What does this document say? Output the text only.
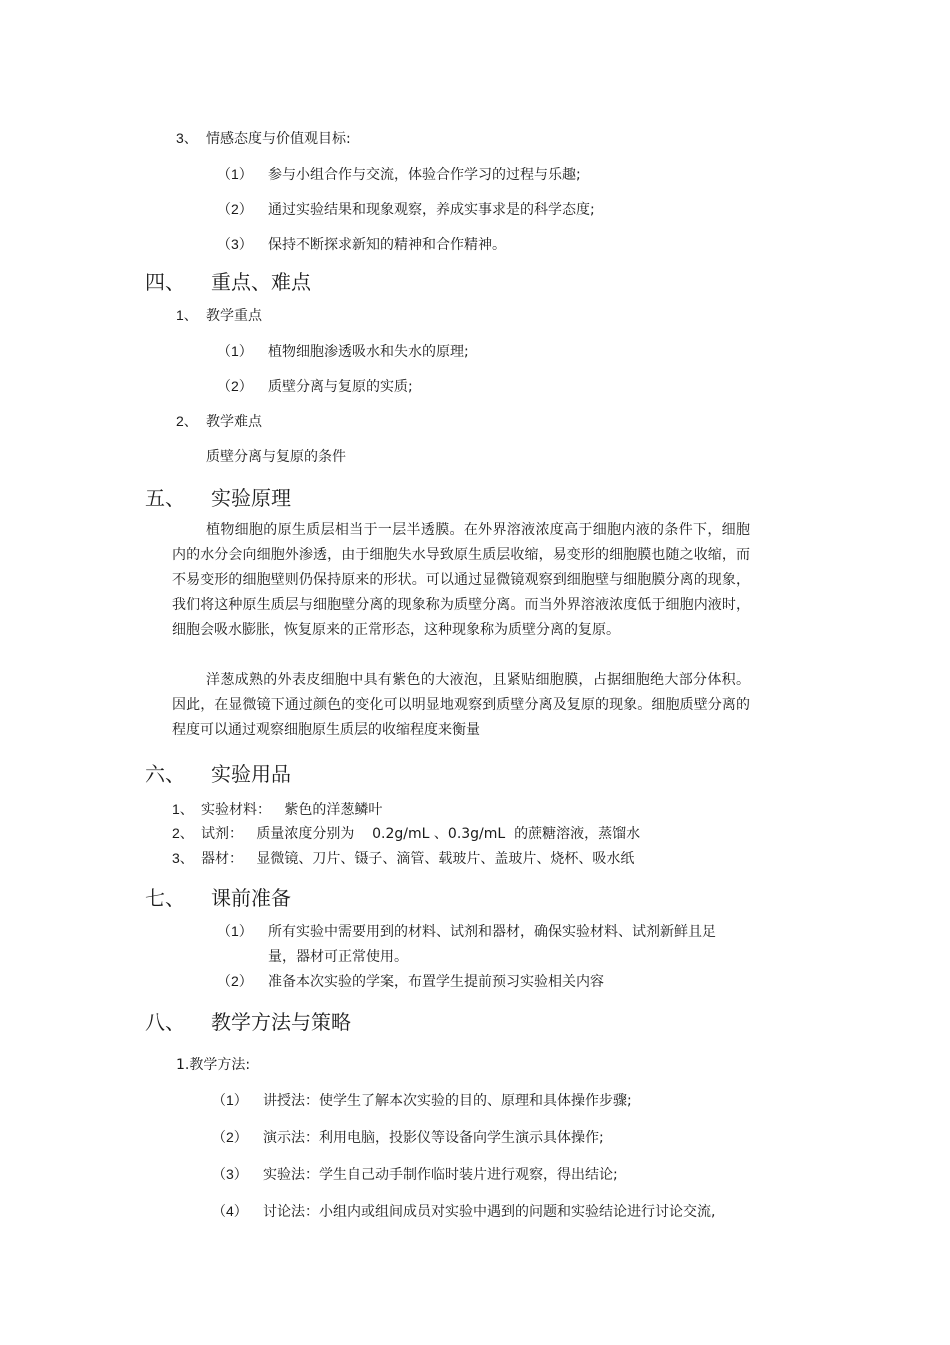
3、 情感态度与价值观目标:
（1） 参与小组合作与交流，体验合作学习的过程与乐趣;
（2） 通过实验结果和现象观察，养成实事求是的科学态度;
（3） 保持不断探求新知的精神和合作精神。
四、 重点、难点
1、 教学重点
（1） 植物细胞渗透吸水和失水的原理;
（2） 质壁分离与复原的实质;
2、 教学难点
质壁分离与复原的条件
五、 实验原理
植物细胞的原生质层相当于一层半透膜。在外界溶液浓度高于细胞内液的条件下，细胞内的水分会向细胞外渗透，由于细胞失水导致原生质层收缩，易变形的细胞膜也随之收缩，而不易变形的细胞壁则仍保持原来的形状。可以通过显微镜观察到细胞壁与细胞膜分离的现象，我们将这种原生质层与细胞壁分离的现象称为质壁分离。而当外界溶液浓度低于细胞内液时，细胞会吸水膨胀，恢复原来的正常形态，这种现象称为质壁分离的复原。
洋葱成熟的外表皮细胞中具有紫色的大液泡，且紧贴细胞膜，占据细胞绝大部分体积。因此，在显微镜下通过颜色的变化可以明显地观察到质壁分离及复原的现象。细胞质壁分离的程度可以通过观察细胞原生质层的收缩程度来衡量
六、 实验用品
1、 实验材料：   紫色的洋葱鳞叶
2、 试剂：   质量浓度分别为    0.2g/mL 、0.3g/mL  的蔗糖溶液，蒸馏水
3、 器材：   显微镜、刀片、镊子、滴管、载玻片、盖玻片、烧杯、吸水纸
七、 课前准备
（1） 所有实验中需要用到的材料、试剂和器材，确保实验材料、试剂新鲜且足
量，器材可正常使用。
（2） 准备本次实验的学案，布置学生提前预习实验相关内容
八、 教学方法与策略
1.教学方法:
（1） 讲授法：使学生了解本次实验的目的、原理和具体操作步骤;
（2） 演示法：利用电脑，投影仪等设备向学生演示具体操作;
（3） 实验法：学生自己动手制作临时装片进行观察，得出结论;
（4） 讨论法：小组内或组间成员对实验中遇到的问题和实验结论进行讨论交流,
